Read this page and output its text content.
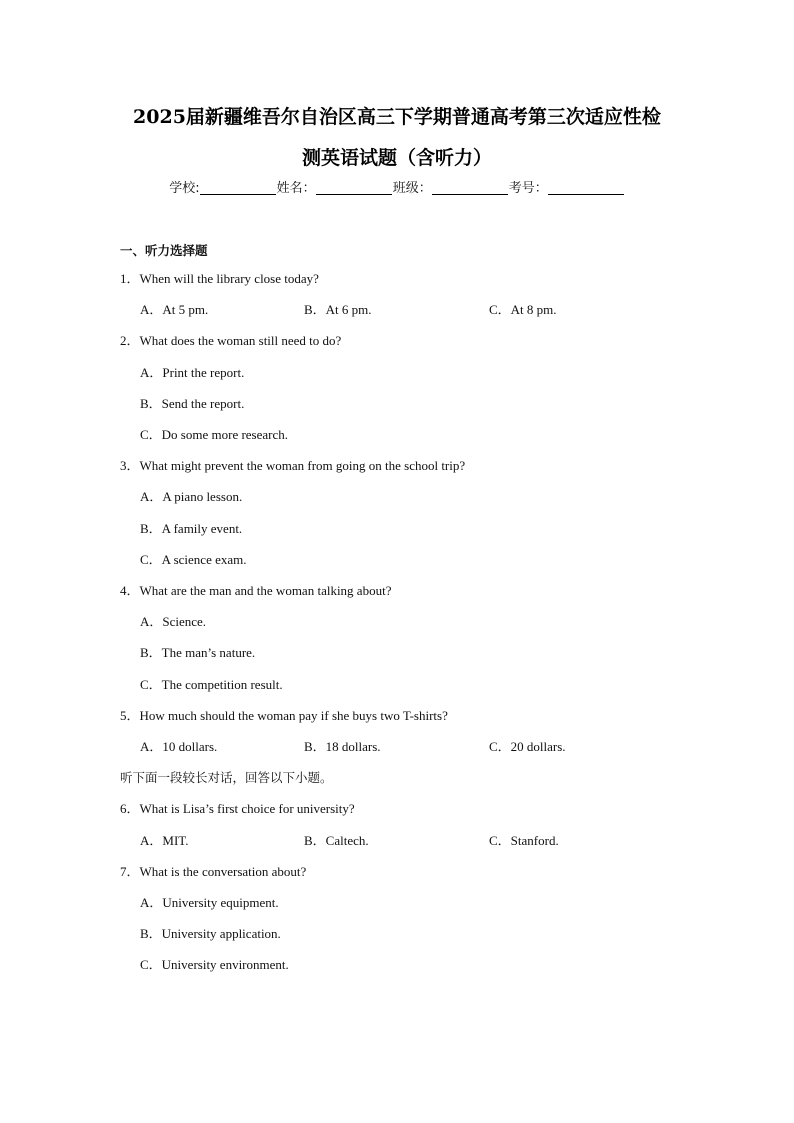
2025届新疆维吾尔自治区高三下学期普通高考第三次适应性检
测英语试题（含听力）
学校:	姓名：	班级：	考号：
一、听力选择题
1．When will the library close today?
A．At 5 pm.	B．At 6 pm.	C．At 8 pm.
2．What does the woman still need to do?
A．Print the report.
B．Send the report.
C．Do some more research.
3．What might prevent the woman from going on the school trip?
A．A piano lesson.
B．A family event.
C．A science exam.
4．What are the man and the woman talking about?
A．Science.
B．The man’s nature.
C．The competition result.
5．How much should the woman pay if she buys two T-shirts?
A．10 dollars.	B．18 dollars.	C．20 dollars.
听下面一段较长对话，回答以下小题。
6．What is Lisa’s first choice for university?
A．MIT.	B．Caltech.	C．Stanford.
7．What is the conversation about?
A．University equipment.
B．University application.
C．University environment.
